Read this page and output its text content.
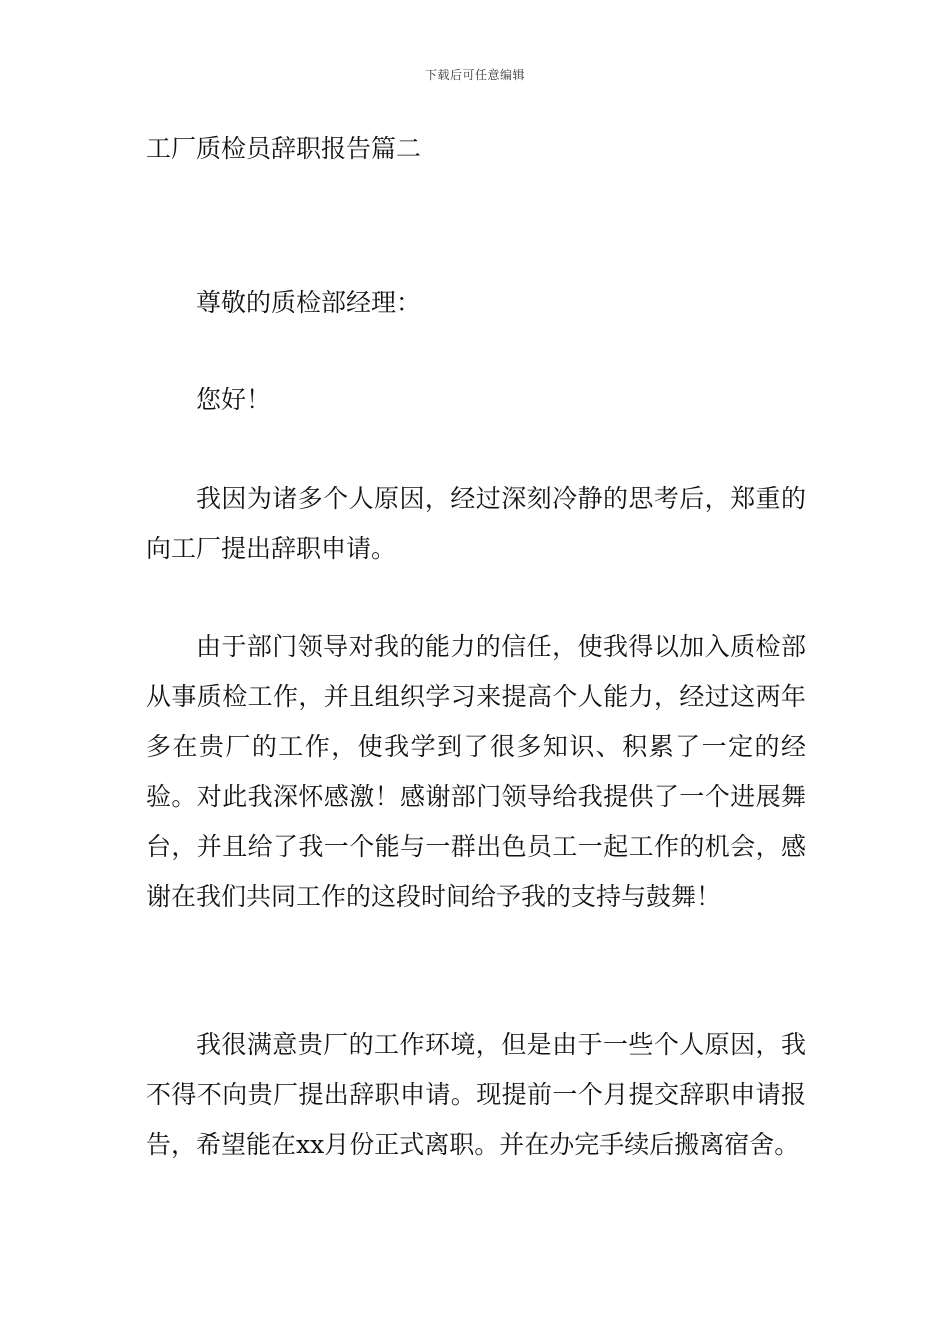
下载后可任意编辑
工厂质检员辞职报告篇二

尊敬的质检部经理：

您好！

我因为诸多个人原因，经过深刻冷静的思考后，郑重的向工厂提出辞职申请。

由于部门领导对我的能力的信任，使我得以加入质检部从事质检工作，并且组织学习来提高个人能力，经过这两年多在贵厂的工作，使我学到了很多知识、积累了一定的经验。对此我深怀感激！感谢部门领导给我提供了一个进展舞台，并且给了我一个能与一群出色员工一起工作的机会，感谢在我们共同工作的这段时间给予我的支持与鼓舞！

我很满意贵厂的工作环境，但是由于一些个人原因，我不得不向贵厂提出辞职申请。现提前一个月提交辞职申请报告，希望能在xx月份正式离职。并在办完手续后搬离宿舍。
